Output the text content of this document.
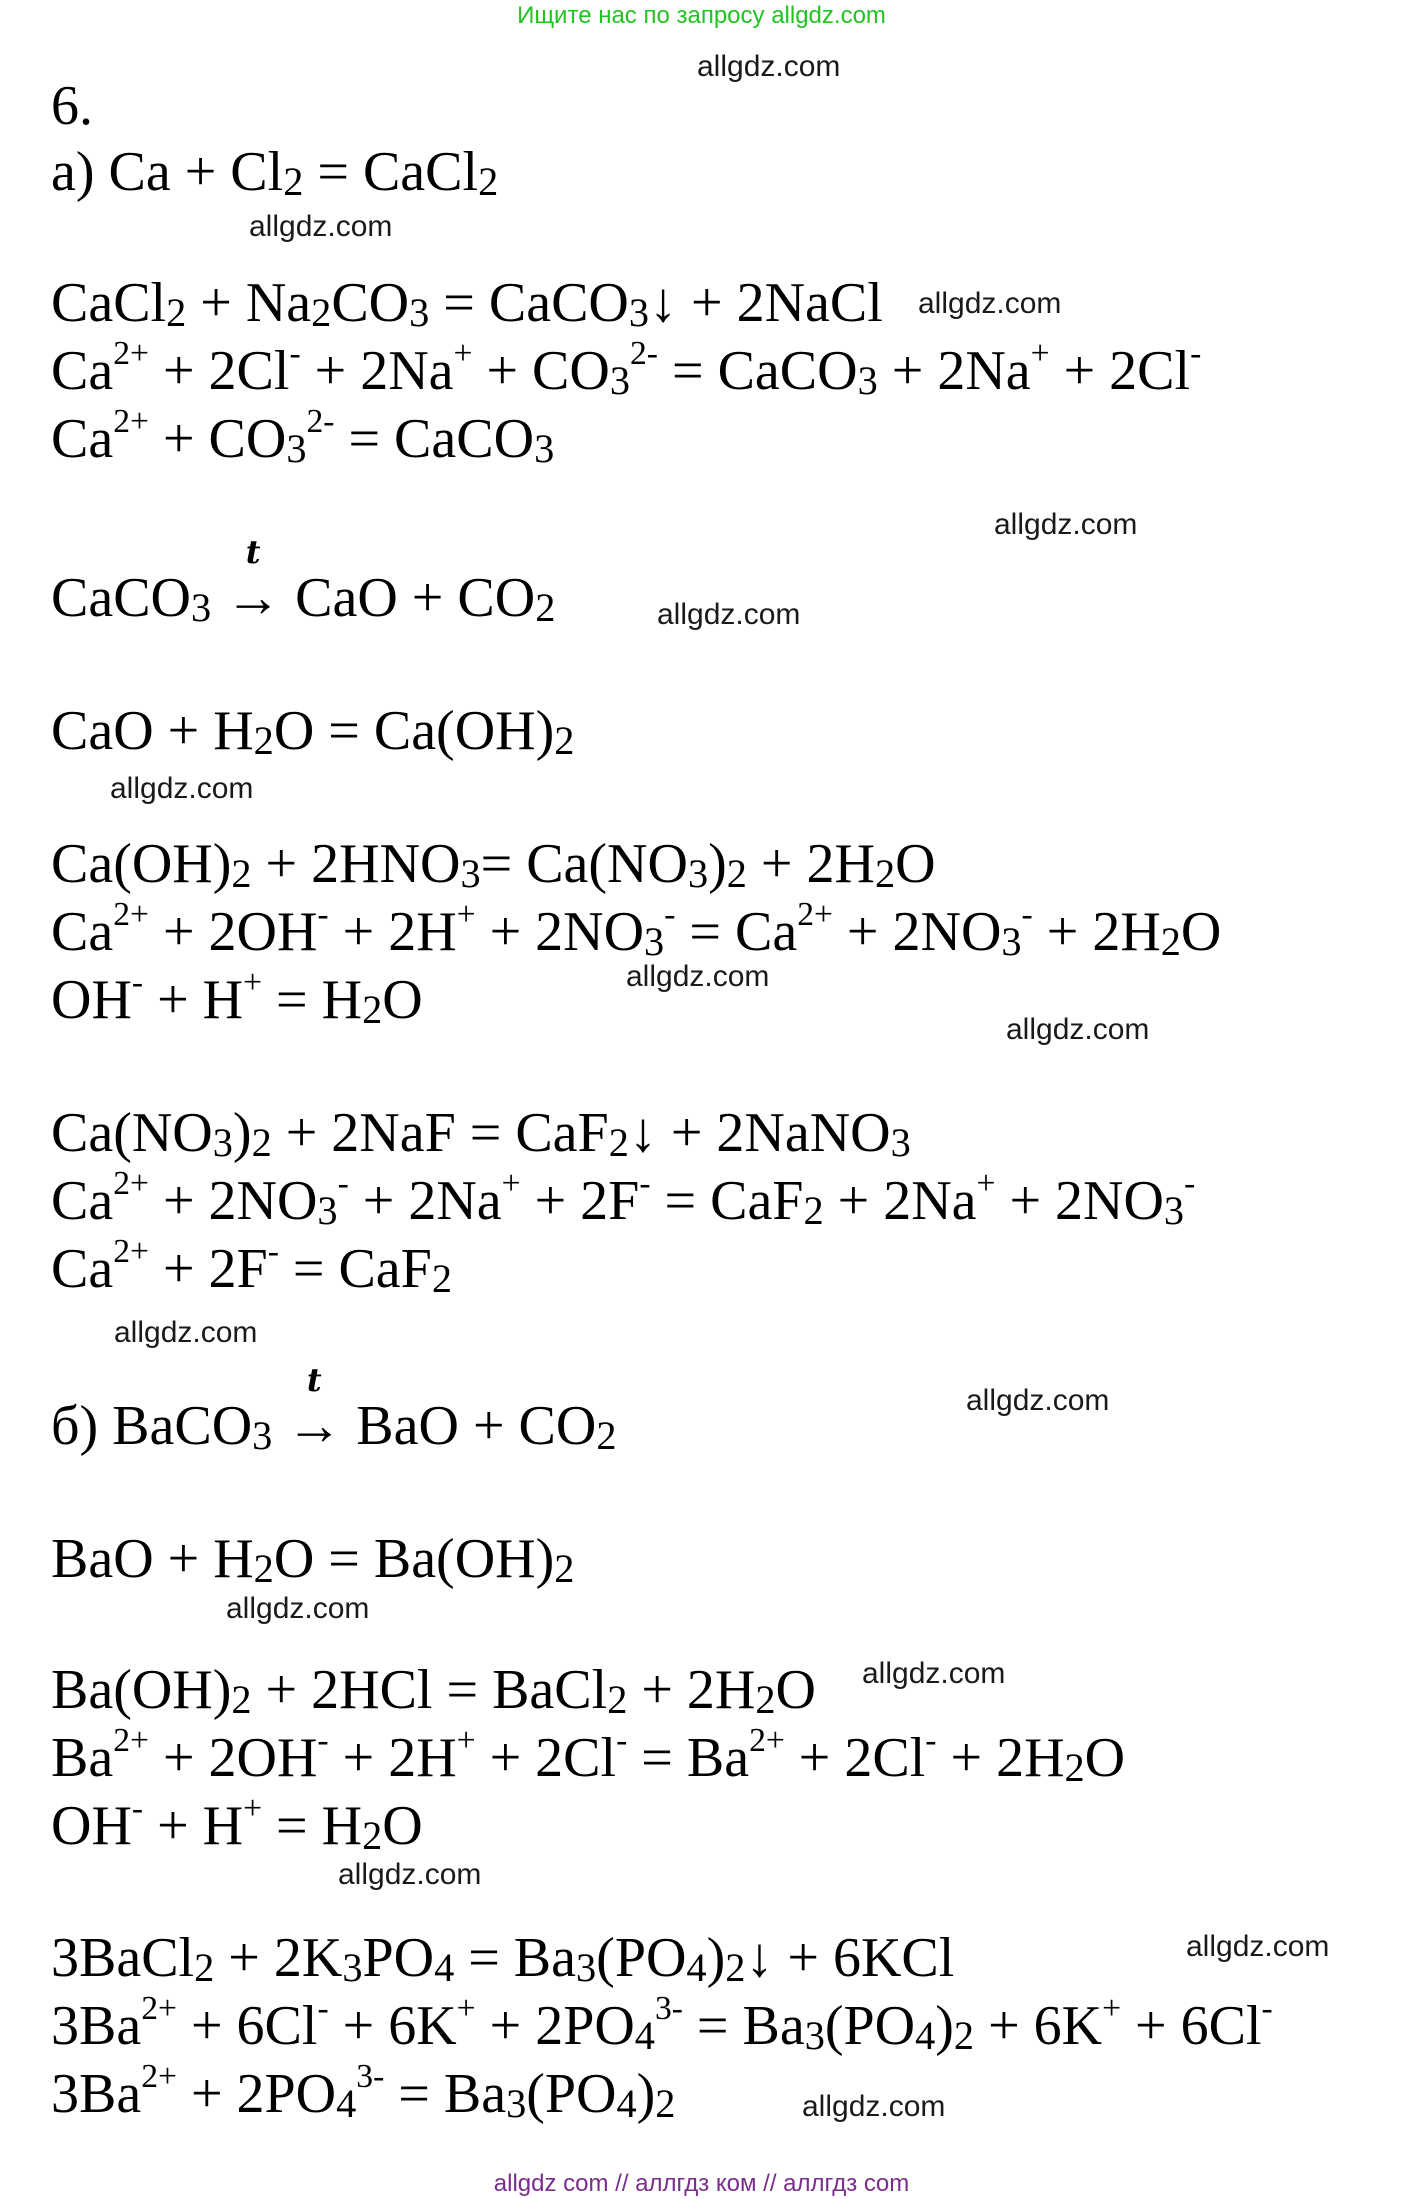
Ищите нас по запросу allgdz.com
allgdz.com
allgdz.com
allgdz.com
allgdz.com
allgdz.com
allgdz.com
allgdz.com
allgdz.com
allgdz.com
allgdz.com
allgdz.com
allgdz.com
allgdz.com
allgdz.com
allgdz.com
6.
а) $Ca + Cl_2$ = CaCl$_2$
CaCl$_2$ + $Na_2CO_3$ = CaCO$_3$↓ + 2NaCl
$Ca^{2+} + 2Cl^- + 2Na^+ + CO_3^{2-}$ = CaCO$_3$ + 2Na+ + 2Cl-
$Ca^{2+} + CO_3^{2-}$ = CaCO$_3$
CaCO$_3$
t
→ CaO + $CO_2$
CaO + $H_2O = Ca(OH)_2$
$Ca(OH)_2 + 2HNO_3= Ca(NO_3)_2 + 2H_2O$
$Ca^{2+} + 2OH^- + 2H^+ + 2NO_3^- = Ca^{2+} + 2NO_3^- + 2H_2O$
$OH^- + H^+ = H_2O$
$Ca(NO_3)_2 + 2NaF$ = CaF$_2$↓ + 2NaNO$_3$
$Ca^{2+} + 2NO_3^- + 2Na^+ + 2F^- = CaF_2 + 2Na^+ + 2NO_3^-$
$Ca^{2+} + 2F^- = CaF_2$
б) BaCO$_3$
t
→ BaO + $CO_2$
BaO + $H_2O = Ba(OH)_2$
$Ba(OH)_2 + 2HCl$ = BaCl$_2$ + $2H_2O$
$Ba^{2+} + 2OH^- + 2H^+ + 2Cl^- = Ba^{2+} + 2Cl^- + 2H_2O$
$OH^- + H^+ = H_2O$
3BaCl$_2$ + $2K_3PO_4$ = $Ba_3(PO_4)_2↓ + 6KCl$
$3Ba^{2+} + 6Cl^- + 6K^+ + 2PO_4^{3-} = Ba_3(PO_4)_2 + 6K^+ + 6Cl^-$
$3Ba^{2+} + 2PO_4^{3-} = Ba_3(PO_4)_2$
allgdz com // аллгдз ком // аллгдз com
